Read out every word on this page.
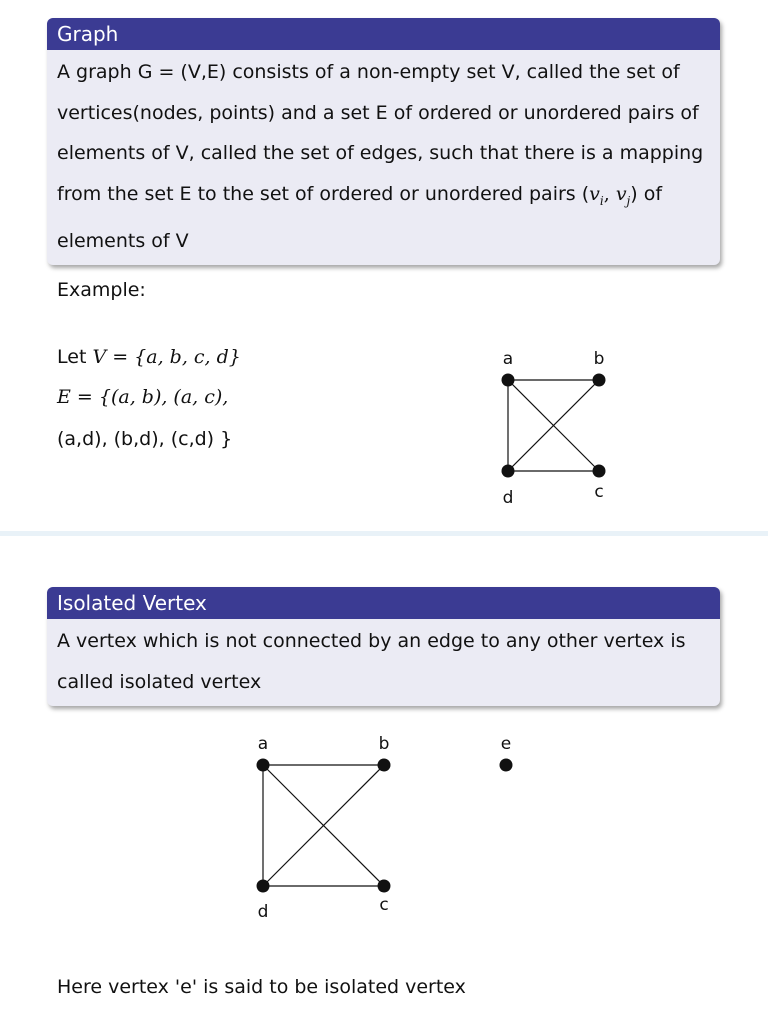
Graph
A graph G = (V,E) consists of a non-empty set V, called the set of
vertices(nodes, points) and a set E of ordered or unordered pairs of
elements of V, called the set of edges, such that there is a mapping
from the set E to the set of ordered or unordered pairs ($v_i$, $v_j$) of
elements of V
Example:
Let V = {a, b, c, d}
E = {(a, b), (a, c),
(a,d), (b,d), (c,d) }
a	b
c
d
Isolated Vertex
A vertex which is not connected by an edge to any other vertex is
called isolated vertex
a	b
c
d
e
Here vertex 'e' is said to be isolated vertex
